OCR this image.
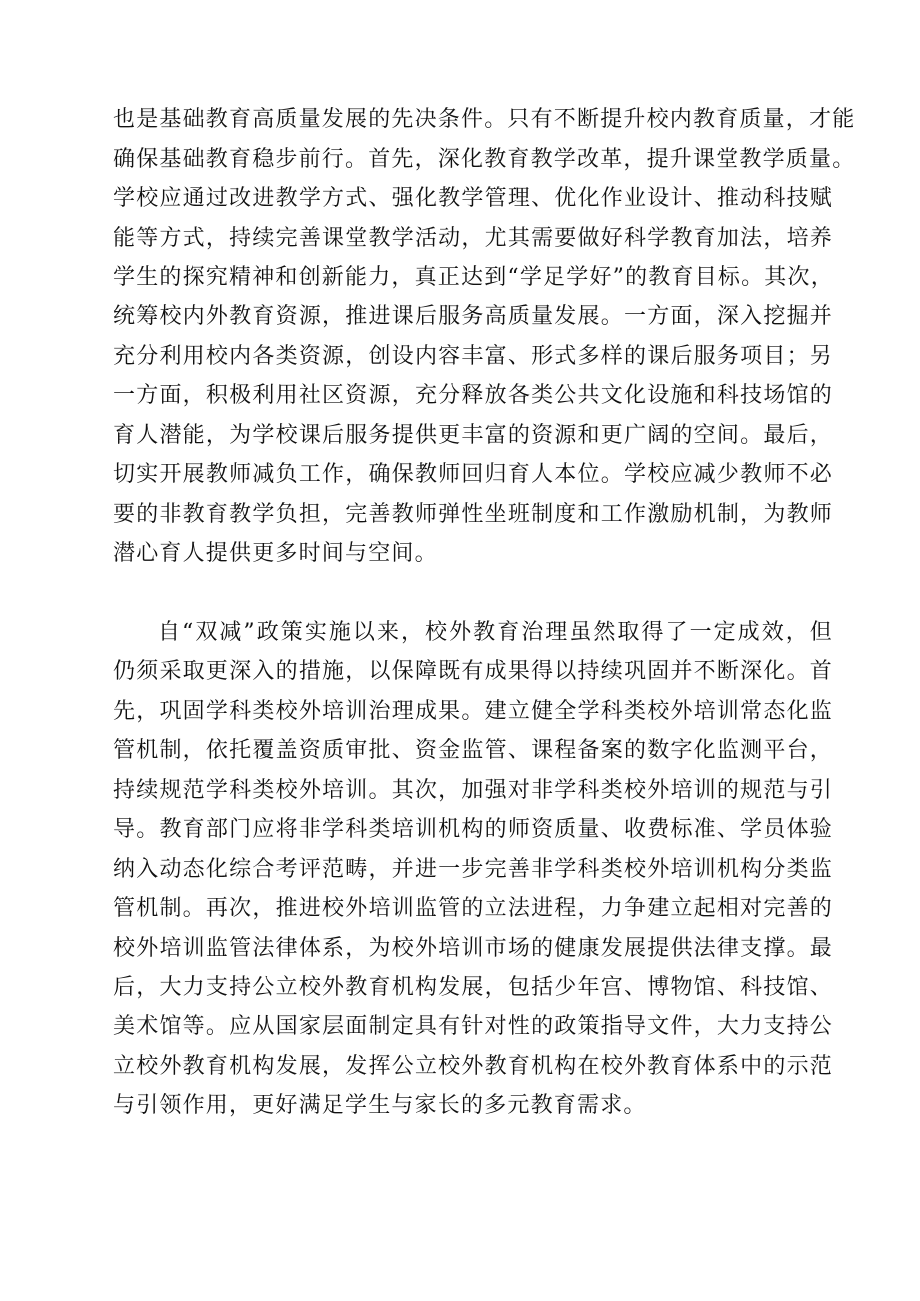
也是基础教育高质量发展的先决条件。只有不断提升校内教育质量，才能
确保基础教育稳步前行。首先，深化教育教学改革，提升课堂教学质量。
学校应通过改进教学方式、强化教学管理、优化作业设计、推动科技赋
能等方式，持续完善课堂教学活动，尤其需要做好科学教育加法，培养
学生的探究精神和创新能力，真正达到“学足学好”的教育目标。其次，
统筹校内外教育资源，推进课后服务高质量发展。一方面，深入挖掘并
充分利用校内各类资源，创设内容丰富、形式多样的课后服务项目；另
一方面，积极利用社区资源，充分释放各类公共文化设施和科技场馆的
育人潜能，为学校课后服务提供更丰富的资源和更广阔的空间。最后，
切实开展教师减负工作，确保教师回归育人本位。学校应减少教师不必
要的非教育教学负担，完善教师弹性坐班制度和工作激励机制，为教师
潜心育人提供更多时间与空间。
自“双减”政策实施以来，校外教育治理虽然取得了一定成效，但
仍须采取更深入的措施，以保障既有成果得以持续巩固并不断深化。首
先，巩固学科类校外培训治理成果。建立健全学科类校外培训常态化监
管机制，依托覆盖资质审批、资金监管、课程备案的数字化监测平台，
持续规范学科类校外培训。其次，加强对非学科类校外培训的规范与引
导。教育部门应将非学科类培训机构的师资质量、收费标准、学员体验
纳入动态化综合考评范畴，并进一步完善非学科类校外培训机构分类监
管机制。再次，推进校外培训监管的立法进程，力争建立起相对完善的
校外培训监管法律体系，为校外培训市场的健康发展提供法律支撑。最
后，大力支持公立校外教育机构发展，包括少年宫、博物馆、科技馆、
美术馆等。应从国家层面制定具有针对性的政策指导文件，大力支持公
立校外教育机构发展，发挥公立校外教育机构在校外教育体系中的示范
与引领作用，更好满足学生与家长的多元教育需求。
